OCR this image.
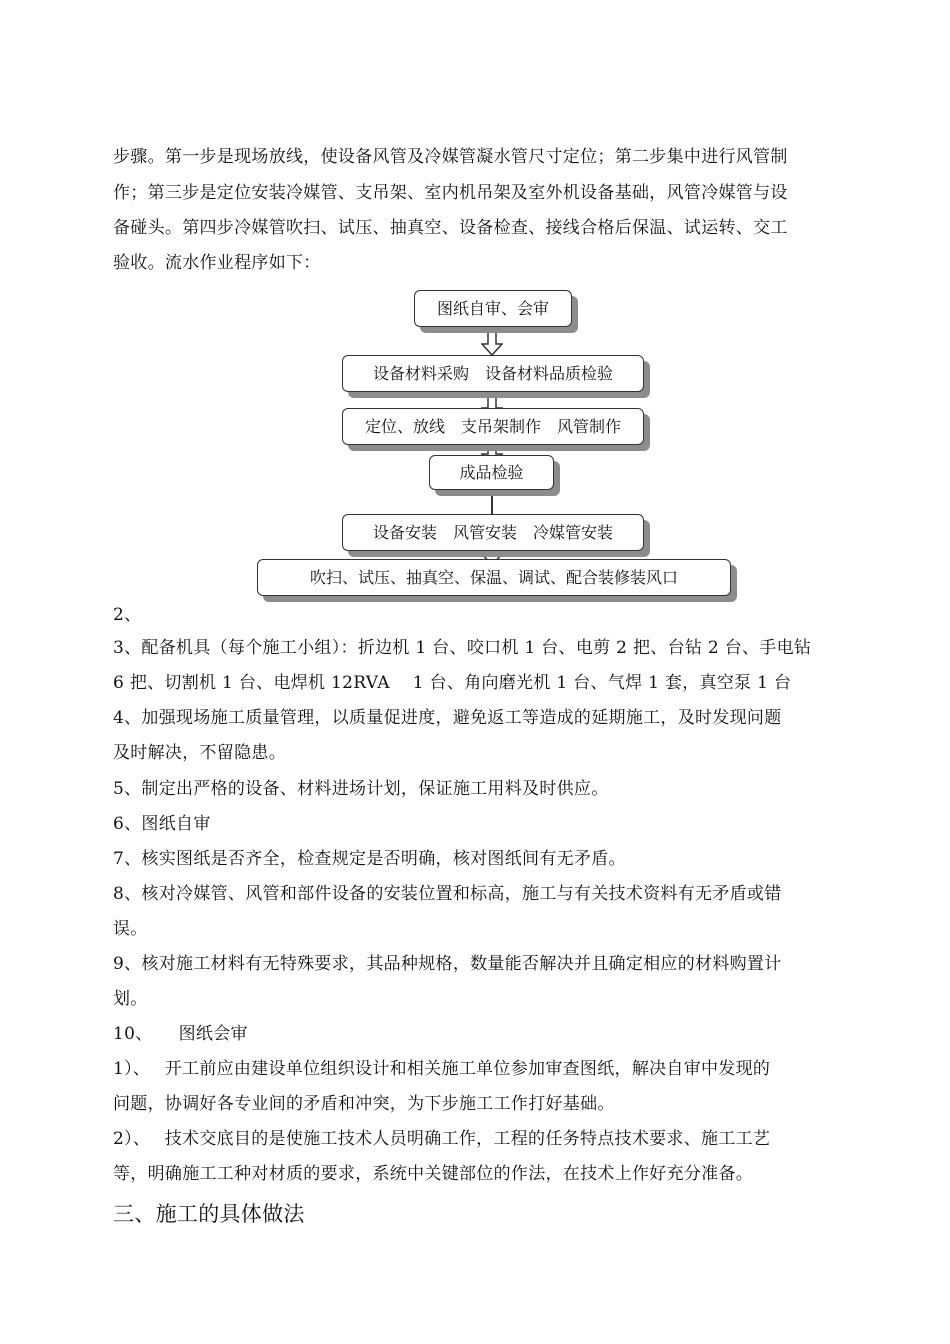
步骤。第一步是现场放线，使设备风管及冷媒管凝水管尺寸定位；第二步集中进行风管制
作；第三步是定位安装冷媒管、支吊架、室内机吊架及室外机设备基础，风管冷媒管与设
备碰头。第四步冷媒管吹扫、试压、抽真空、设备检查、接线合格后保温、试运转、交工
验收。流水作业程序如下：
图纸自审、会审
设备材料采购　设备材料品质检验
定位、放线　支吊架制作　风管制作
成品检验
设备安装　风管安装　冷媒管安装
吹扫、试压、抽真空、保温、调试、配合装修装风口
2、
3、配备机具（每个施工小组）：折边机 1 台、咬口机 1 台、电剪 2 把、台钻 2 台、手电钻
6 把、切割机 1 台、电焊机 12RVA　 1 台、角向磨光机 1 台、气焊 1 套，真空泵 1 台
4、加强现场施工质量管理，以质量促进度，避免返工等造成的延期施工，及时发现问题
及时解决，不留隐患。
5、制定出严格的设备、材料进场计划，保证施工用料及时供应。
6、图纸自审
7、核实图纸是否齐全，检查规定是否明确，核对图纸间有无矛盾。
8、核对冷媒管、风管和部件设备的安装位置和标高，施工与有关技术资料有无矛盾或错
误。
9、核对施工材料有无特殊要求，其品种规格，数量能否解决并且确定相应的材料购置计
划。
10、　　图纸会审
1）、　 开工前应由建设单位组织设计和相关施工单位参加审查图纸，解决自审中发现的
问题，协调好各专业间的矛盾和冲突，为下步施工工作打好基础。
2）、　 技术交底目的是使施工技术人员明确工作，工程的任务特点技术要求、施工工艺
等，明确施工工种对材质的要求，系统中关键部位的作法，在技术上作好充分准备。
三、施工的具体做法
